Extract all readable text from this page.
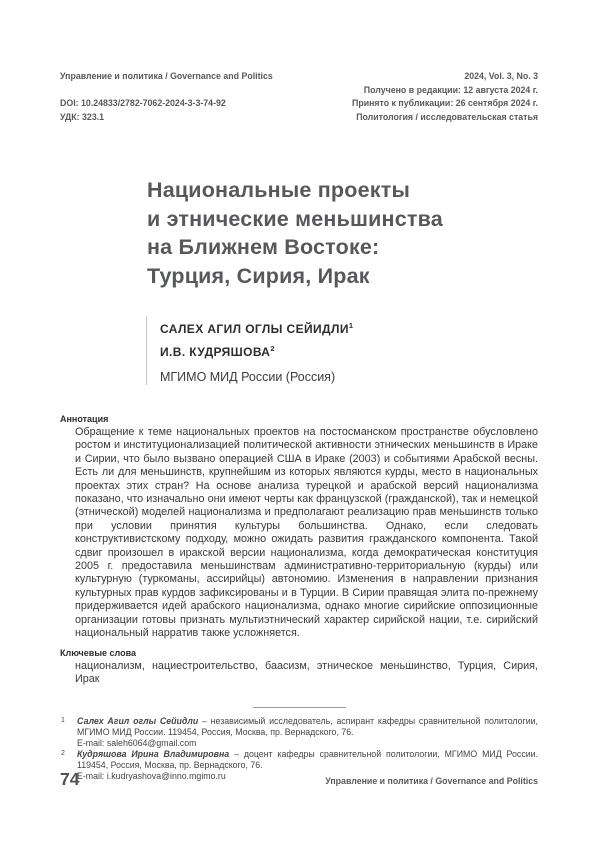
Управление и политика / Governance and Politics
DOI: 10.24833/2782-7062-2024-3-3-74-92
УДК: 323.1
2024, Vol. 3, No. 3
Получено в редакции: 12 августа 2024 г.
Принято к публикации: 26 сентября 2024 г.
Политология / исследовательская статья
Национальные проекты
и этнические меньшинства
на Ближнем Востоке:
Турция, Сирия, Ирак
САЛЕХ АГИЛ ОГЛЫ СЕЙИДЛИ$^1$
И.В. КУДРЯШОВА$^2$
МГИМО МИД России (Россия)
Аннотация
Обращение к теме национальных проектов на постосманском пространстве обусловлено ростом и институционализацией политической активности этнических меньшинств в Ираке и Сирии, что было вызвано операцией США в Ираке (2003) и событиями Арабской весны. Есть ли для меньшинств, крупнейшим из которых являются курды, место в национальных проектах этих стран? На основе анализа турецкой и арабской версий национализма показано, что изначально они имеют черты как французской (гражданской), так и немецкой (этнической) моделей национализма и предполагают реализацию прав меньшинств только при условии принятия культуры большинства. Однако, если следовать конструктивистскому подходу, можно ожидать развития гражданского компонента. Такой сдвиг произошел в иракской версии национализма, когда демократическая конституция 2005 г. предоставила меньшинствам административно-территориальную (курды) или культурную (туркоманы, ассирийцы) автономию. Изменения в направлении признания культурных прав курдов зафиксированы и в Турции. В Сирии правящая элита по-прежнему придерживается идей арабского национализма, однако многие сирийские оппозиционные организации готовы признать мультиэтнический характер сирийской нации, т.е. сирийский национальный нарратив также усложняется.
Ключевые слова
национализм, нациестроительство, баасизм, этническое меньшинство, Турция, Сирия, Ирак
1 Салех Агил оглы Сейидли – независимый исследователь, аспирант кафедры сравнительной политологии, МГИМО МИД России. 119454, Россия, Москва, пр. Вернадского, 76.
E-mail: saleh6064@gmail.com
2 Кудряшова Ирина Владимировна – доцент кафедры сравнительной политологии, МГИМО МИД России. 119454, Россия, Москва, пр. Вернадского, 76.
E-mail: i.kudryashova@inno.mgimo.ru
74	Управление и политика / Governance and Politics
